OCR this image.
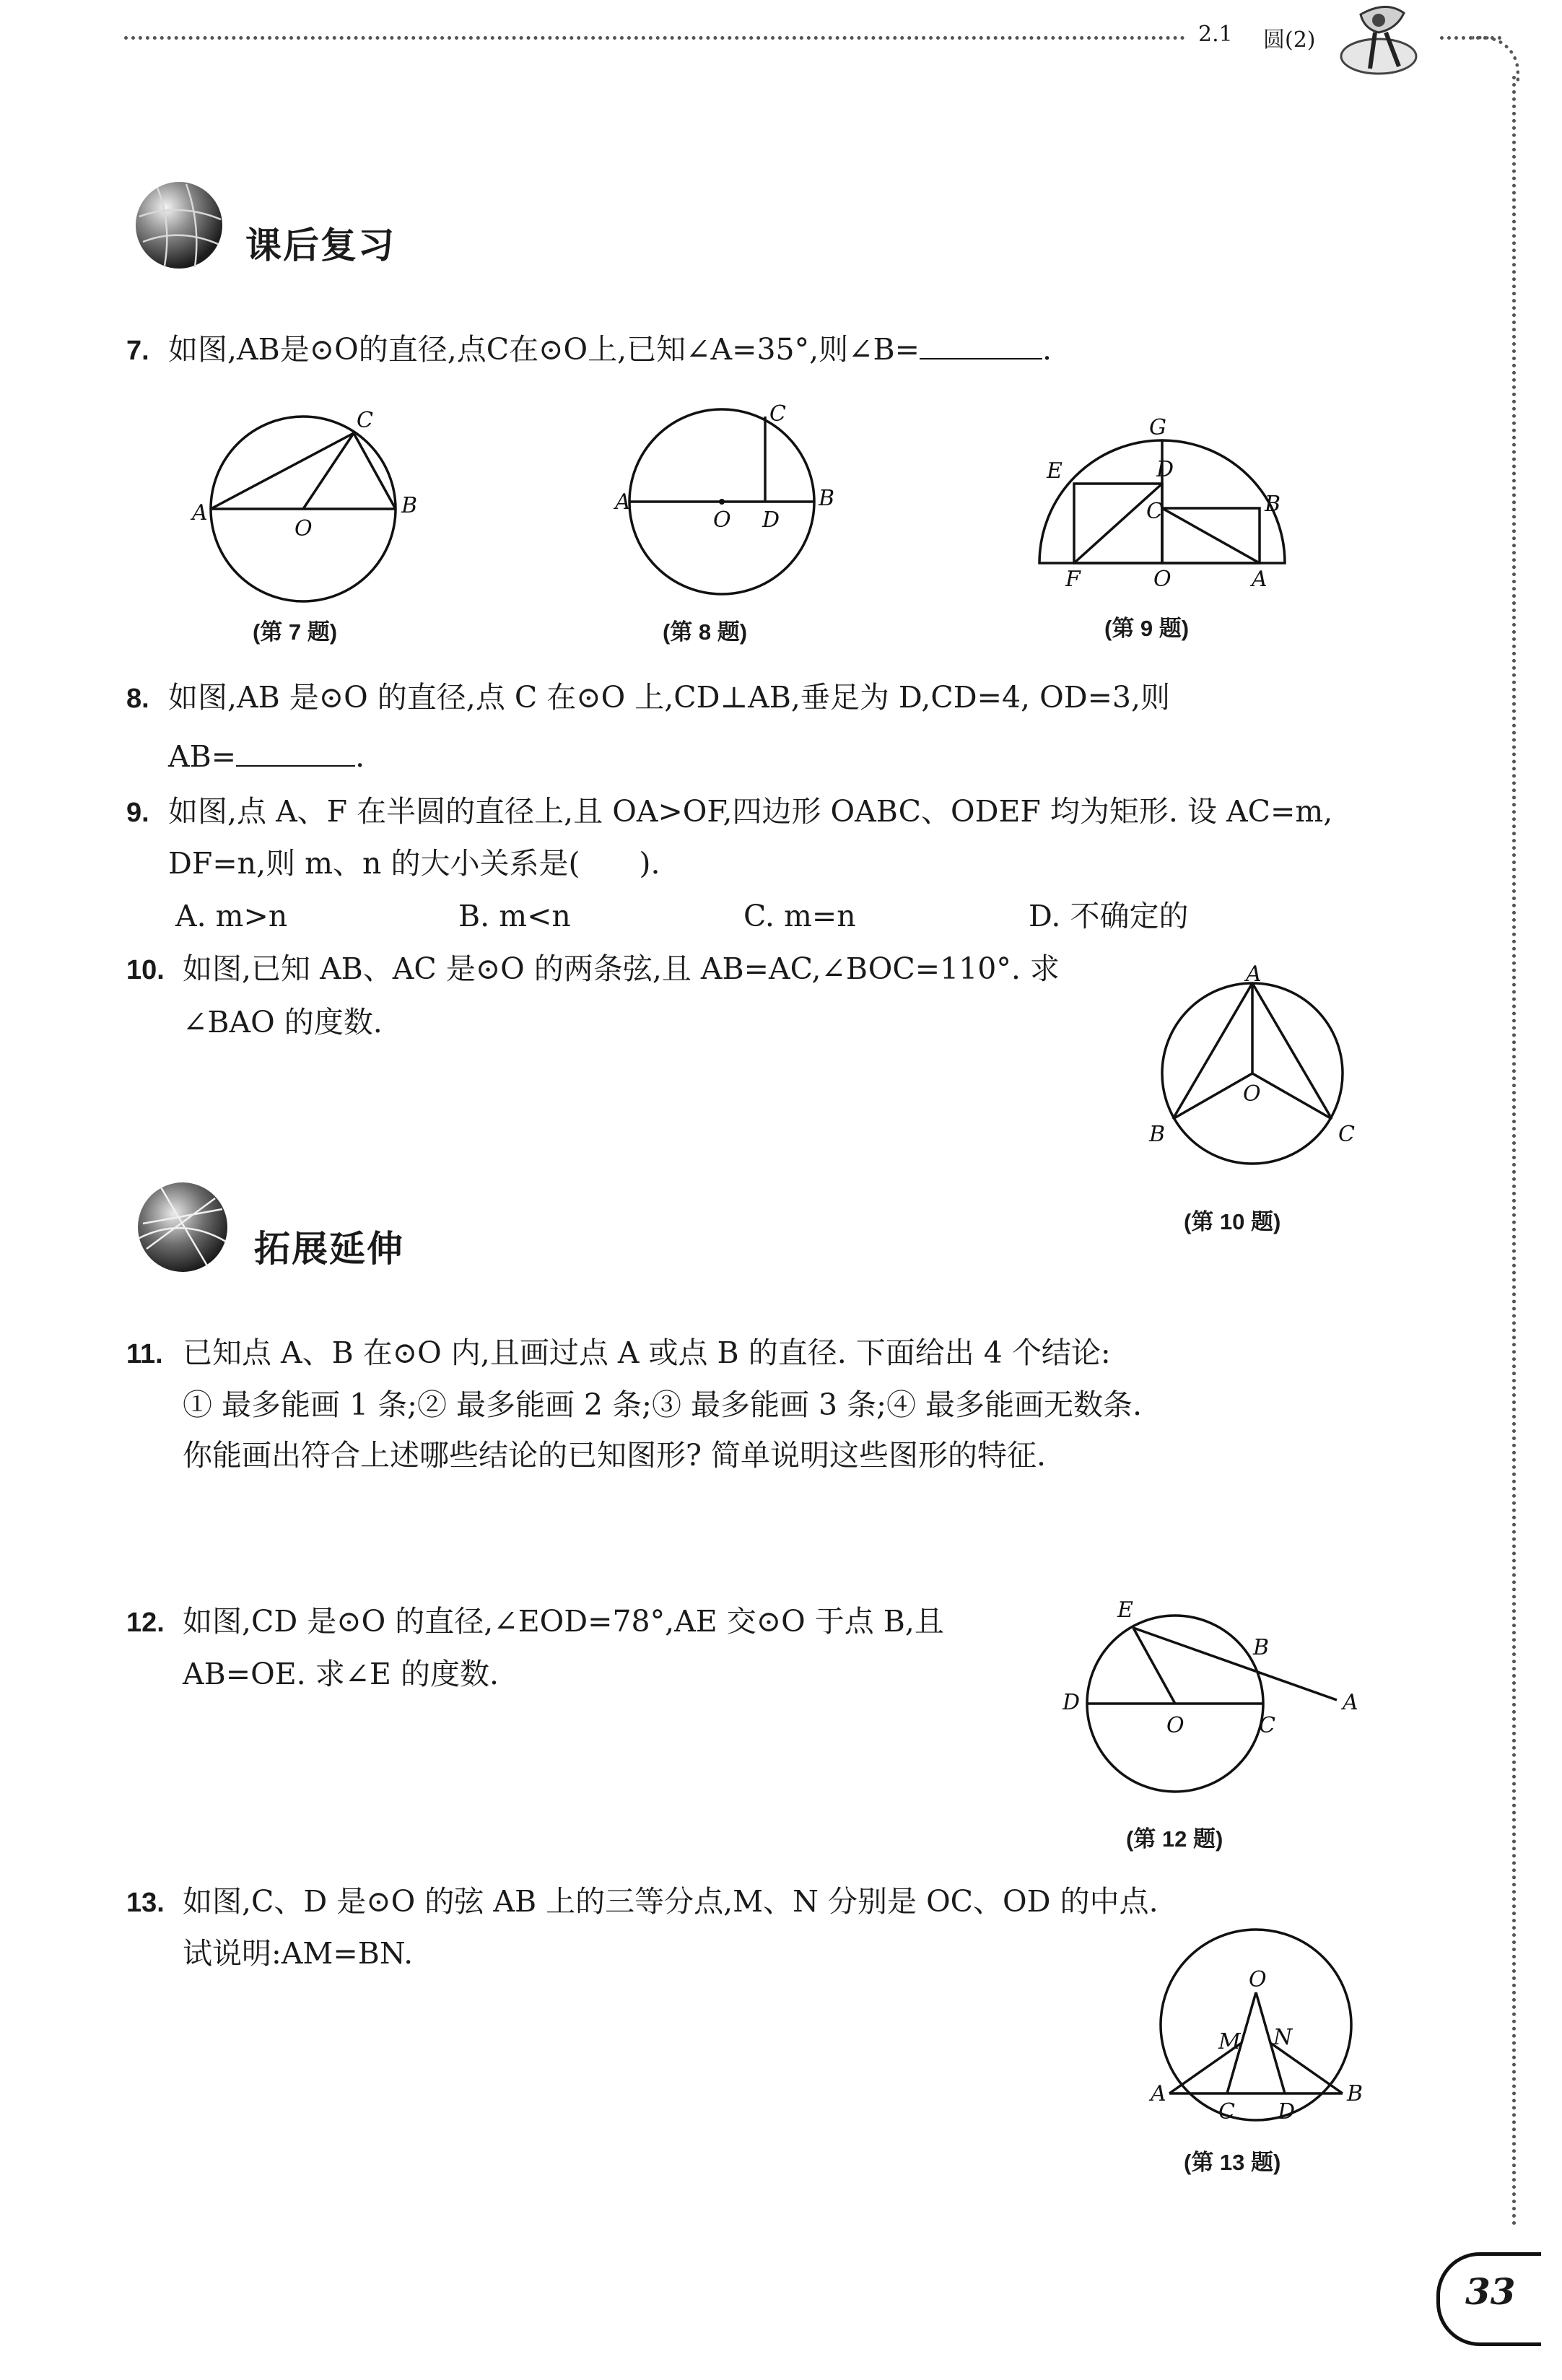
2.1 圆(2)
课后复习
7. 如图,AB是⊙O的直径,点C在⊙O上,已知∠A=35°,则∠B=	.
A	B
C
O
(第 7 题)
A	B
C
D
O
(第 8 题)
G
E	D
C	B
F	O	A
(第 9 题)
8. 如图,AB 是⊙O 的直径,点 C 在⊙O 上,CD⊥AB,垂足为 D,CD=4, OD=3,则
AB=	.
9. 如图,点 A、F 在半圆的直径上,且 OA>OF,四边形 OABC、ODEF 均为矩形. 设 AC=m,
DF=n,则 m、n 的大小关系是(　　).
A. m>n	B. m<n	C. m=n	D. 不确定的
10. 如图,已知 AB、AC 是⊙O 的两条弦,且 AB=AC,∠BOC=110°. 求
∠BAO 的度数.
A
O
B	C
(第 10 题)
拓展延伸
11. 已知点 A、B 在⊙O 内,且画过点 A 或点 B 的直径. 下面给出 4 个结论:
① 最多能画 1 条;② 最多能画 2 条;③ 最多能画 3 条;④ 最多能画无数条.
你能画出符合上述哪些结论的已知图形? 简单说明这些图形的特征.
12. 如图,CD 是⊙O 的直径,∠EOD=78°,AE 交⊙O 于点 B,且
AB=OE. 求∠E 的度数.
E
B
D
O	C
A
(第 12 题)
13. 如图,C、D 是⊙O 的弦 AB 上的三等分点,M、N 分别是 OC、OD 的中点.
试说明:AM=BN.
O
M N
A
C D
B
(第 13 题)
33
